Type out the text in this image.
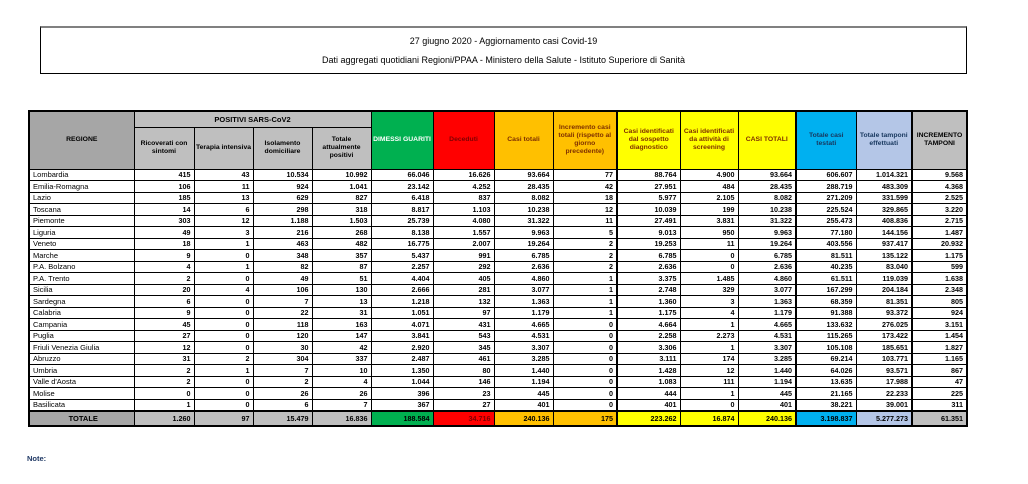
27 giugno 2020 - Aggiornamento casi Covid-19
Dati aggregati quotidiani Regioni/PPAA - Ministero della Salute - Istituto Superiore di Sanità
REGIONE	POSITIVI SARS-CoV2				DIMESSI GUARITI	Deceduti	Casi totali	Incremento casi totali (rispetto al giorno precedente)	Casi identificati dal sospetto diagnostico	Casi identificati da attività di screening	CASI TOTALI	Totale casi testati	Totale tamponi effettuati	INCREMENTO TAMPONI
	Ricoverati con sintomi	Terapia intensiva	Isolamento domiciliare	Totale attualmente positivi										
Lombardia	415	43	10.534	10.992	66.046	16.626	93.664	77	88.764	4.900	93.664	606.607	1.014.321	9.568
Emilia-Romagna	106	11	924	1.041	23.142	4.252	28.435	42	27.951	484	28.435	288.719	483.309	4.368
Lazio	185	13	629	827	6.418	837	8.082	18	5.977	2.105	8.082	271.209	331.599	2.525
Toscana	14	6	298	318	8.817	1.103	10.238	12	10.039	199	10.238	225.524	329.865	3.220
Piemonte	303	12	1.188	1.503	25.739	4.080	31.322	11	27.491	3.831	31.322	255.473	408.836	2.715
Liguria	49	3	216	268	8.138	1.557	9.963	5	9.013	950	9.963	77.180	144.156	1.487
Veneto	18	1	463	482	16.775	2.007	19.264	2	19.253	11	19.264	403.556	937.417	20.932
Marche	9	0	348	357	5.437	991	6.785	2	6.785	0	6.785	81.511	135.122	1.175
P.A. Bolzano	4	1	82	87	2.257	292	2.636	2	2.636	0	2.636	40.235	83.040	599
P.A. Trento	2	0	49	51	4.404	405	4.860	1	3.375	1.485	4.860	61.511	119.039	1.638
Sicilia	20	4	106	130	2.666	281	3.077	1	2.748	329	3.077	167.299	204.184	2.348
Sardegna	6	0	7	13	1.218	132	1.363	1	1.360	3	1.363	68.359	81.351	805
Calabria	9	0	22	31	1.051	97	1.179	1	1.175	4	1.179	91.388	93.372	924
Campania	45	0	118	163	4.071	431	4.665	0	4.664	1	4.665	133.632	276.025	3.151
Puglia	27	0	120	147	3.841	543	4.531	0	2.258	2.273	4.531	115.265	173.422	1.454
Friuli Venezia Giulia	12	0	30	42	2.920	345	3.307	0	3.306	1	3.307	105.108	185.651	1.827
Abruzzo	31	2	304	337	2.487	461	3.285	0	3.111	174	3.285	69.214	103.771	1.165
Umbria	2	1	7	10	1.350	80	1.440	0	1.428	12	1.440	64.026	93.571	867
Valle d'Aosta	2	0	2	4	1.044	146	1.194	0	1.083	111	1.194	13.635	17.988	47
Molise	0	0	26	26	396	23	445	0	444	1	445	21.165	22.233	225
Basilicata	1	0	6	7	367	27	401	0	401	0	401	38.221	39.001	311
TOTALE	1.260	97	15.479	16.836	188.584	34.716	240.136	175	223.262	16.874	240.136	3.198.837	5.277.273	61.351
Note:
